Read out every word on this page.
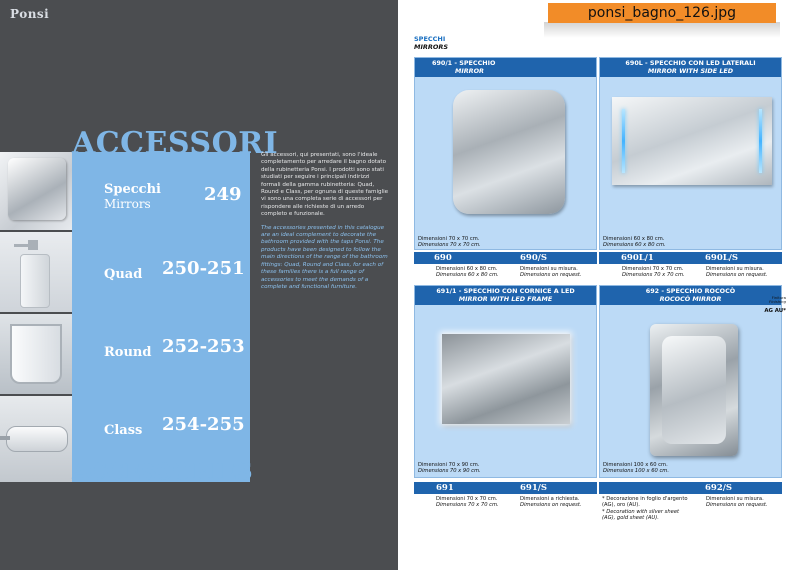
Ponsi
ACCESSORI
ACCESSORIES
Specchi
Mirrors	249
Quad 250-251
Round 252-253
Class 254-255

Gli accessori, qui presentati, sono l'ideale completamento per arredare il bagno dotato della rubinetteria Ponsi. I prodotti sono stati studiati per seguire i principali indirizzi formali della gamma rubinetteria: Quad, Round e Class, per ognuna di queste famiglie vi sono una completa serie di accessori per rispondere alle richieste di un arredo completo e funzionale.

The accessories presented in this catalogue are an ideal complement to decorate the bathroom provided with the taps Ponsi. The products have been designed to follow the main directions of the range of the bathroom fittings: Quad, Round and Class, for each of these families there is a full range of accessories to meet the demands of a complete and functional furniture.

ponsi_bagno_126.jpg
SPECCHI
MIRRORS
690/1 - SPECCHIO
MIRROR
Dimensioni 70 x 70 cm.
Dimensions 70 x 70 cm.
690	690/S
Dimensioni 60 x 80 cm.
Dimensions 60 x 80 cm.
Dimensioni su misura.
Dimensions on request.
690L - SPECCHIO CON LED LATERALI
MIRROR WITH SIDE LED
Dimensioni 60 x 80 cm.
Dimensions 60 x 80 cm.
690L/1	690L/S
Dimensioni 70 x 70 cm.
Dimensions 70 x 70 cm.
Dimensioni su misura.
Dimensions on request.
691/1 - SPECCHIO CON CORNICE A LED
MIRROR WITH LED FRAME
Dimensioni 70 x 90 cm.
Dimensions 70 x 90 cm.
691	691/S
Dimensioni 70 x 70 cm.
Dimensions 70 x 70 cm.
Dimensioni a richiesta.
Dimensions on request.
692 - SPECCHIO ROCOCÒ
ROCOCÒ MIRROR
Dimensioni 100 x 60 cm.
Dimensions 100 x 60 cm.
Finitura
Finishing
AG AU*
692/S
* Decorazione in foglio d'argento (AG), oro (AU).
* Decoration with silver sheet (AG), gold sheet (AU).
Dimensioni su misura.
Dimensions on request.
